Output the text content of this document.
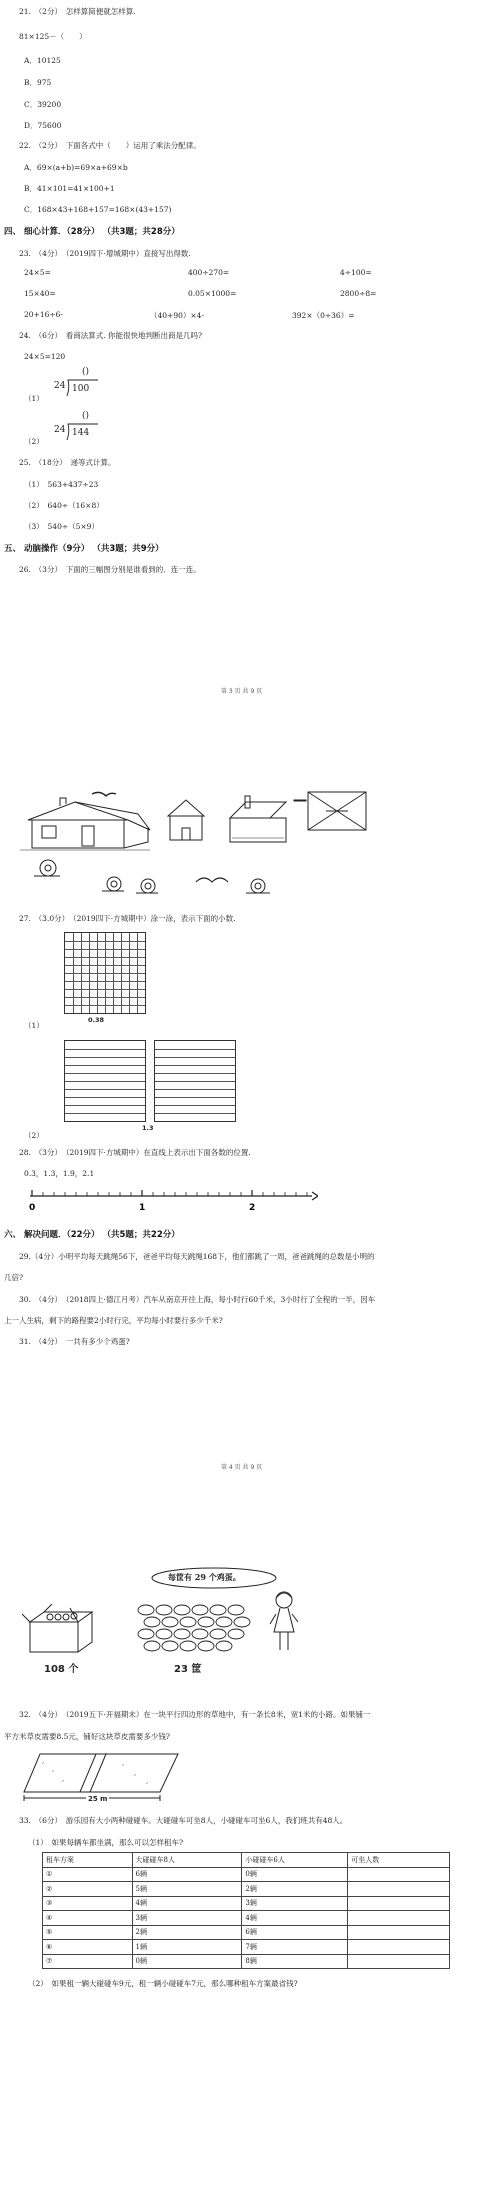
21.　（2分）　怎样算简便就怎样算.
81×125－（　　）
A．10125
B．975
C．39200
D．75600
22.　（2分）　下面各式中（　　）运用了乘法分配律。
A．69×(a+b)=69×a+69×b
B．41×101=41×100+1
C．168×43+168+157=168×(43+157)
四、 细心计算．（28分） （共3题；共28分）
23.　（4分）　（2019四下·增城期中）直接写出得数.
24×5=	400÷270=	4÷100=
15×40=	0.05×1000=	2800÷8=
20+16÷6-	（40+90）×4-	392×（0÷36）=
24.　（6分）　看商法算式. 你能很快地判断出商是几吗?
24×5=120
（1）
()
24 100
（2）
()
24 144
25.　（18分）　递等式计算。
（1）　563+437÷23
（2）　640÷（16×8）
（3）　540÷（5×9）
五、 动脑操作（9分） （共3题；共9分）
26.　（3分）　下面的三幅图分别是谁看到的．连一连。
第 3 页 共 9 页
27.　（3.0分）　（2019四下·方城期中）涂一涂，表示下面的小数.
0.38
（1）
1.3
（2）
28.　（3分）　（2019四下·方城期中）在直线上表示出下面各数的位置.
0.3，1.3，1.9，2.1
0	1	2
六、 解决问题．（22分） （共5题；共22分）
29.（4分）小明平均每天跳绳56下，爸爸平均每天跳绳168下，他们都跳了一周，爸爸跳绳的总数是小明的
几倍?
30.　（4分）　（2018四上·德江月考）汽车从南京开往上海，每小时行60千米，3小时行了全程的一半，因车
上一人生病，剩下的路程要2小时行完，平均每小时要行多少千米?
31.　（4分）　一共有多少个鸡蛋?
第 4 页 共 9 页
每筐有 29 个鸡蛋。
108 个	23 筐
32.　（4分）　（2019五下·开福期末）在一块平行四边形的草地中，有一条长8米，宽1米的小路。如果铺一
平方米草皮需要8.5元，铺好这块草皮需要多少钱?
25 m
33.　（6分）　游乐园有大小两种碰碰车。大碰碰车可坐8人，小碰碰车可坐6人，我们班共有48人。
（1）　如果每辆车都坐满，那么可以怎样租车?
租车方案	大碰碰车8人	小碰碰车6人	可坐人数
①	6辆	0辆	
②	5辆	2辆	
③	4辆	3辆	
④	3辆	4辆	
⑤	2辆	6辆	
⑥	1辆	7辆	
⑦	0辆	8辆	
（2）　如果租一辆大碰碰车9元，租一辆小碰碰车7元，那么哪种租车方案最省钱?
